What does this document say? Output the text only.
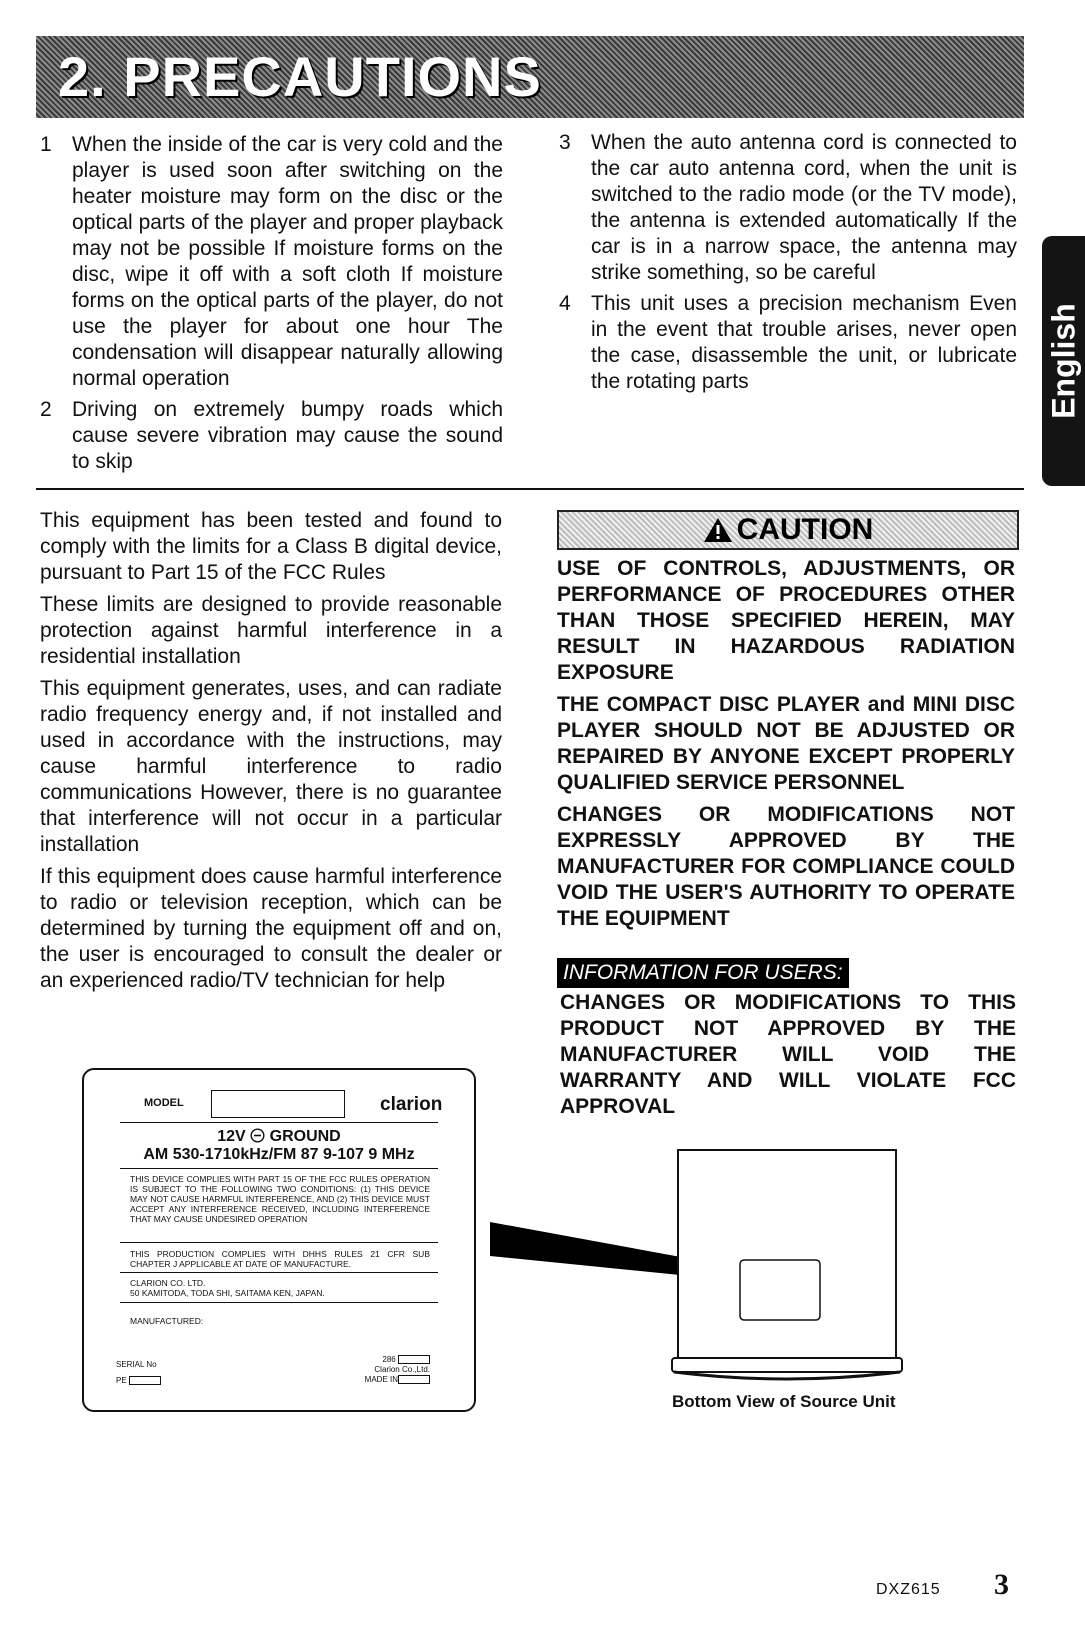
2. PRECAUTIONS
English
1 When the inside of the car is very cold and the player is used soon after switching on the heater moisture may form on the disc or the optical parts of the player and proper playback may not be possible If moisture forms on the disc, wipe it off with a soft cloth If moisture forms on the optical parts of the player, do not use the player for about one hour The condensation will disappear naturally allowing normal operation
2 Driving on extremely bumpy roads which cause severe vibration may cause the sound to skip
3 When the auto antenna cord is connected to the car auto antenna cord, when the unit is switched to the radio mode (or the TV mode), the antenna is extended automatically If the car is in a narrow space, the antenna may strike something, so be careful
4 This unit uses a precision mechanism Even in the event that trouble arises, never open the case, disassemble the unit, or lubricate the rotating parts

This equipment has been tested and found to comply with the limits for a Class B digital device, pursuant to Part 15 of the FCC Rules

These limits are designed to provide reasonable protection against harmful interference in a residential installation

This equipment generates, uses, and can radiate radio frequency energy and, if not installed and used in accordance with the instructions, may cause harmful interference to radio communications However, there is no guarantee that interference will not occur in a particular installation

If this equipment does cause harmful interference to radio or television reception, which can be determined by turning the equipment off and on, the user is encouraged to consult the dealer or an experienced radio/TV technician for help

CAUTION

USE OF CONTROLS, ADJUSTMENTS, OR PERFORMANCE OF PROCEDURES OTHER THAN THOSE SPECIFIED HEREIN, MAY RESULT IN HAZARDOUS RADIATION EXPOSURE

THE COMPACT DISC PLAYER and MINI DISC PLAYER SHOULD NOT BE ADJUSTED OR REPAIRED BY ANYONE EXCEPT PROPERLY QUALIFIED SERVICE PERSONNEL

CHANGES OR MODIFICATIONS NOT EXPRESSLY APPROVED BY THE MANUFACTURER FOR COMPLIANCE COULD VOID THE USER'S AUTHORITY TO OPERATE THE EQUIPMENT

INFORMATION FOR USERS:
CHANGES OR MODIFICATIONS TO THIS PRODUCT NOT APPROVED BY THE MANUFACTURER WILL VOID THE WARRANTY AND WILL VIOLATE FCC APPROVAL
MODEL	clarion
12V GROUND
AM 530-1710kHz/FM 87 9-107 9 MHz
THIS DEVICE COMPLIES WITH PART 15 OF THE FCC RULES OPERATION IS SUBJECT TO THE FOLLOWING TWO CONDITIONS: (1) THIS DEVICE MAY NOT CAUSE HARMFUL INTERFERENCE, AND (2) THIS DEVICE MUST ACCEPT ANY INTERFERENCE RECEIVED, INCLUDING INTERFERENCE THAT MAY CAUSE UNDESIRED OPERATION
THIS PRODUCTION COMPLIES WITH DHHS RULES 21 CFR SUB CHAPTER J APPLICABLE AT DATE OF MANUFACTURE.
CLARION CO. LTD.
50 KAMITODA, TODA SHI, SAITAMA KEN, JAPAN.
MANUFACTURED:
SERIAL No
PE
286
Clarion Co.,Ltd.
MADE IN
Bottom View of Source Unit
DXZ615 3
